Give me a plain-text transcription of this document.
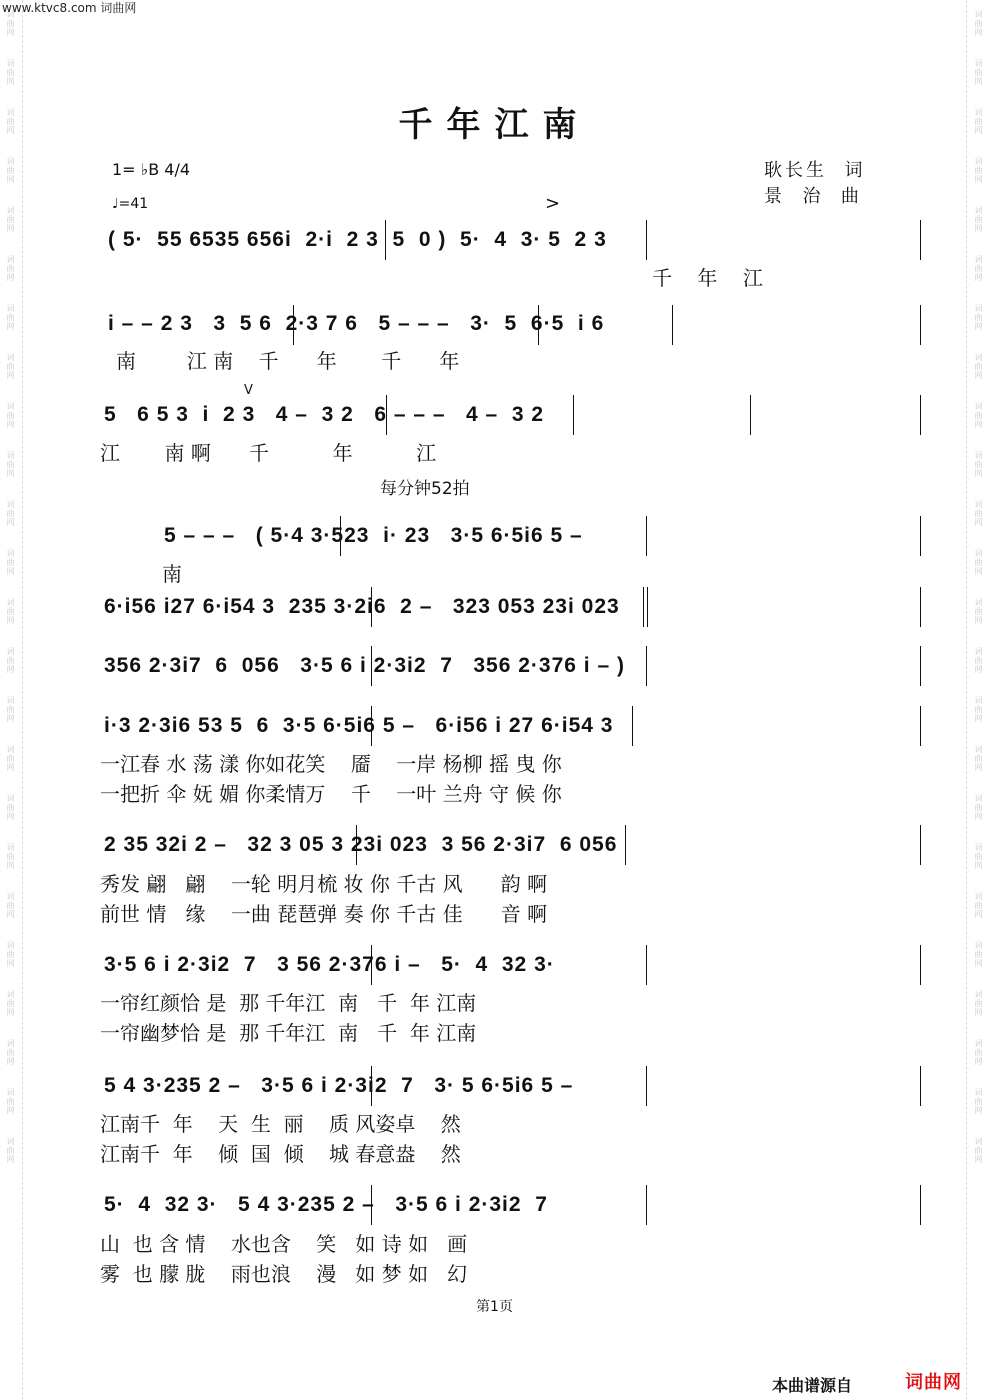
词曲网
词曲网
词曲网
词曲网
词曲网
词曲网
词曲网
词曲网
词曲网
词曲网
词曲网
词曲网
词曲网
词曲网
词曲网
词曲网
词曲网
词曲网
词曲网
词曲网
词曲网
词曲网
词曲网
词曲网
词曲网
词曲网
词曲网
词曲网
词曲网
词曲网
词曲网
词曲网
词曲网
词曲网
词曲网
词曲网
词曲网
词曲网
词曲网
词曲网
词曲网
词曲网
词曲网
词曲网
词曲网
词曲网
词曲网
词曲网
www.ktvc8.com 词曲网
千年江南
1= ♭B 4/4
♩=41
耿长生  词
景  治  曲
>
V
每分钟52拍
( 5·  55 6535 656i  2·i  2 3  5  0 )  5·  4  3· 5  2 3
千    年    江
i – – 2 3   3  5 6  2·3 7 6   5 – – –   3·  5  6·5  i 6
南        江 南    千      年       千      年
5   6 5 3  i  2 3   4 –  3 2   6 – – –   4 –  3 2
江       南 啊      千          年          江
5 – – –   ( 5·4 3·523  i· 23   3·5 6·5i6 5 –
南
6·i56 i27 6·i54 3  235 3·2i6  2 –   323 053 23i 023
356 2·3i7  6  056   3·5 6 i 2·3i2  7   356 2·376 i – )
i·3 2·3i6 53 5  6  3·5 6·5i6 5 –   6·i56 i 27 6·i54 3
一江春 水 荡 漾 你如花笑    靥    一岸 杨柳 摇 曳 你
一把折 伞 妩 媚 你柔情万    千    一叶 兰舟 守 候 你
2 35 32i 2 –   32 3 05 3 23i 023  3 56 2·3i7  6 056
秀发 翩   翩    一轮 明月梳 妆 你 千古 风      韵 啊
前世 情   缘    一曲 琵琶弹 奏 你 千古 佳      音 啊
3·5 6 i 2·3i2  7   3 56 2·376 i –   5·  4  32 3·
一帘红颜恰 是  那 千年江  南   千  年 江南
一帘幽梦恰 是  那 千年江  南   千  年 江南
5 4 3·235 2 –   3·5 6 i 2·3i2  7   3· 5 6·5i6 5 –
江南千  年    天  生  丽    质 风姿卓    然
江南千  年    倾  国  倾    城 春意盎    然
5·  4  32 3·   5 4 3·235 2 –   3·5 6 i 2·3i2  7
山  也 含 情    水也含    笑   如 诗 如   画
雾  也 朦 胧    雨也浪    漫   如 梦 如   幻
第1页
本曲谱源自	词曲网
